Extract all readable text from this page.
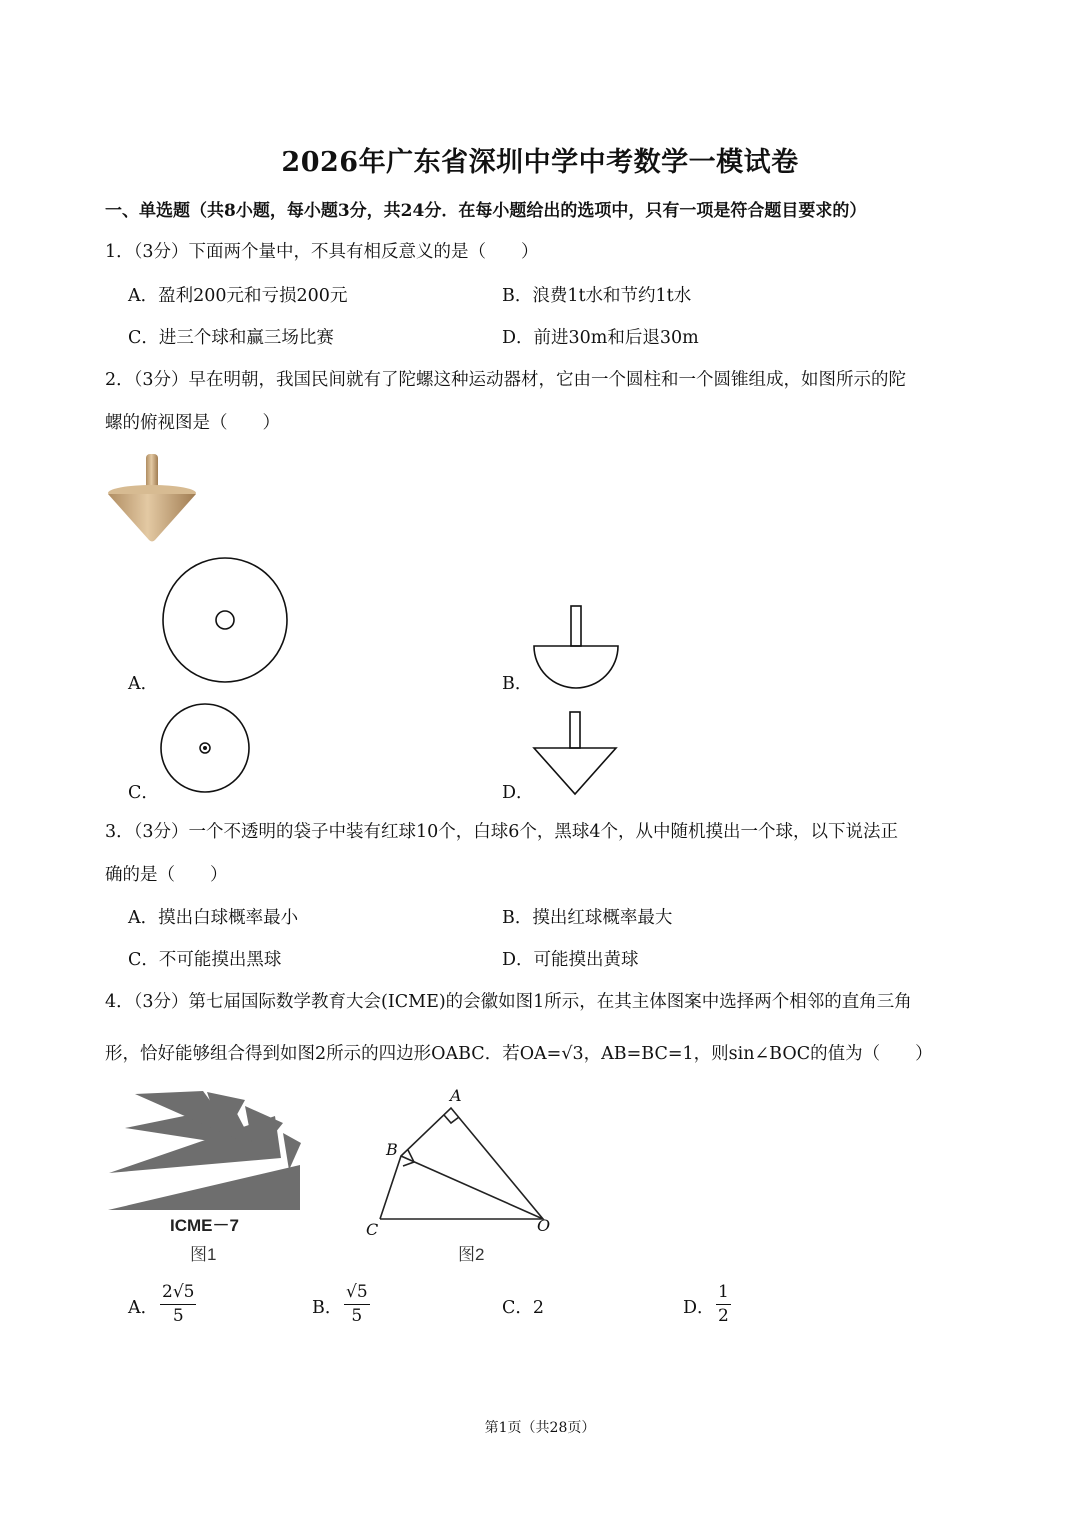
2026年广东省深圳中学中考数学一模试卷
一、单选题（共8小题，每小题3分，共24分．在每小题给出的选项中，只有一项是符合题目要求的）
1．（3分）下面两个量中，不具有相反意义的是（　　）
A．盈利200元和亏损200元	B．浪费1t水和节约1t水
C．进三个球和赢三场比赛	D．前进30m和后退30m
2．（3分）早在明朝，我国民间就有了陀螺这种运动器材，它由一个圆柱和一个圆锥组成，如图所示的陀
螺的俯视图是（　　）
A．	B．
C．	D．
3．（3分）一个不透明的袋子中装有红球10个，白球6个，黑球4个，从中随机摸出一个球，以下说法正
确的是（　　）
A．摸出白球概率最小	B．摸出红球概率最大
C．不可能摸出黑球	D．可能摸出黄球
4．（3分）第七届国际数学教育大会(ICME)的会徽如图1所示，在其主体图案中选择两个相邻的直角三角
形，恰好能够组合得到如图2所示的四边形OABC．若OA=√3，AB=BC=1，则sin∠BOC的值为（　　）
ICME－7
图1
A
B
C	O
图2
A． $\frac{2√5}{5}$	B． $\frac{√5}{5}$	C．2	D． $\frac{1}{2}$
第1页（共28页）
